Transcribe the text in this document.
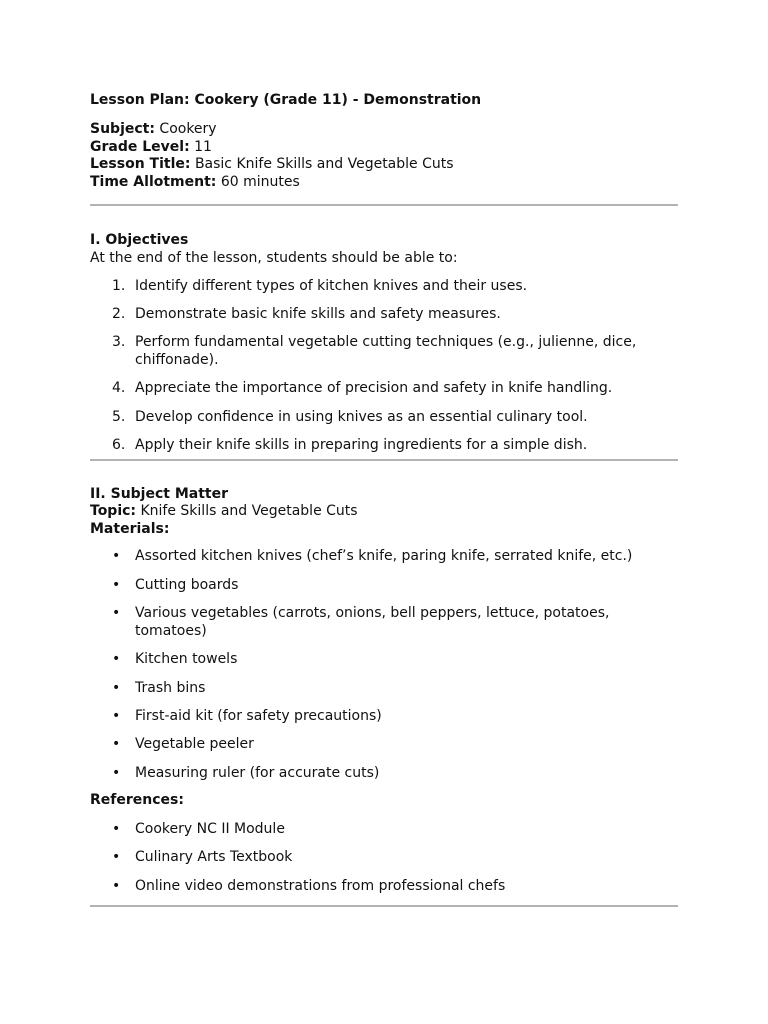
Lesson Plan: Cookery (Grade 11) - Demonstration
Subject: Cookery
Grade Level: 11
Lesson Title: Basic Knife Skills and Vegetable Cuts
Time Allotment: 60 minutes
I. Objectives
At the end of the lesson, students should be able to:
1. Identify different types of kitchen knives and their uses.
2. Demonstrate basic knife skills and safety measures.
3. Perform fundamental vegetable cutting techniques (e.g., julienne, dice, chiffonade).
4. Appreciate the importance of precision and safety in knife handling.
5. Develop confidence in using knives as an essential culinary tool.
6. Apply their knife skills in preparing ingredients for a simple dish.
II. Subject Matter
Topic: Knife Skills and Vegetable Cuts
Materials:
• Assorted kitchen knives (chef’s knife, paring knife, serrated knife, etc.)
• Cutting boards
• Various vegetables (carrots, onions, bell peppers, lettuce, potatoes, tomatoes)
• Kitchen towels
• Trash bins
• First-aid kit (for safety precautions)
• Vegetable peeler
• Measuring ruler (for accurate cuts)
References:
• Cookery NC II Module
• Culinary Arts Textbook
• Online video demonstrations from professional chefs
